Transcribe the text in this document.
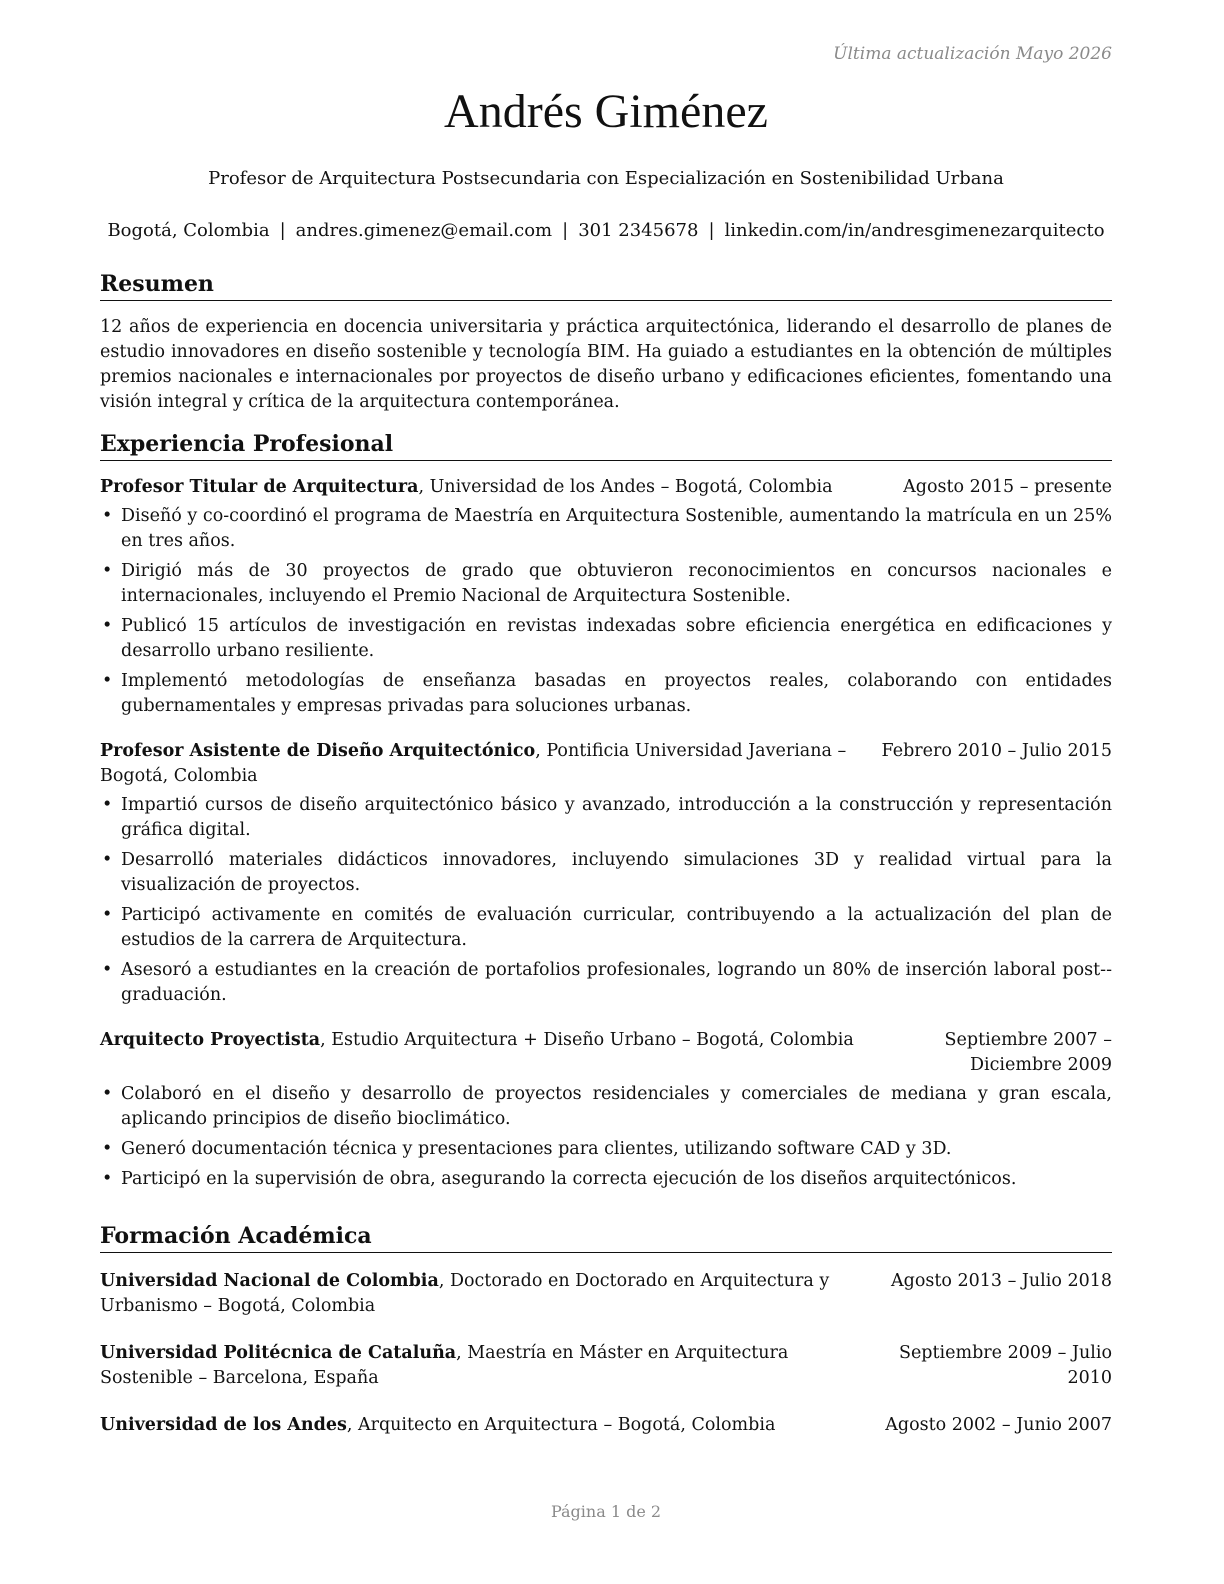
Última actualización Mayo 2026
Andrés Giménez
Profesor de Arquitectura Postsecundaria con Especialización en Sostenibilidad Urbana
Bogotá, Colombia | andres.gimenez@email.com | 301 2345678 | linkedin.com/in/andresgimenezarquitecto
Resumen

12 años de experiencia en docencia universitaria y práctica arquitectónica, liderando el desarrollo de planes de estudio innovadores en diseño sostenible y tecnología BIM. Ha guiado a estudiantes en la obtención de múltiples premios nacionales e internacionales por proyectos de diseño urbano y edificaciones eficientes, fomentando una visión integral y crítica de la arquitectura contemporánea.

Experiencia Profesional
Profesor Titular de Arquitectura, Universidad de los Andes – Bogotá, Colombia	Agosto 2015 – presente
• Diseñó y co-coordinó el programa de Maestría en Arquitectura Sostenible, aumentando la matrícula en un 25% en tres años.
• Dirigió más de 30 proyectos de grado que obtuvieron reconocimientos en concursos nacionales e internacionales, incluyendo el Premio Nacional de Arquitectura Sostenible.
• Publicó 15 artículos de investigación en revistas indexadas sobre eficiencia energética en edificaciones y desarrollo urbano resiliente.
• Implementó metodologías de enseñanza basadas en proyectos reales, colaborando con entidades gubernamentales y empresas privadas para soluciones urbanas.
Profesor Asistente de Diseño Arquitectónico, Pontificia Universidad Javeriana – Bogotá, Colombia
Febrero 2010 – Julio 2015
• Impartió cursos de diseño arquitectónico básico y avanzado, introducción a la construcción y representación gráfica digital.
• Desarrolló materiales didácticos innovadores, incluyendo simulaciones 3D y realidad virtual para la visualización de proyectos.
• Participó activamente en comités de evaluación curricular, contribuyendo a la actualización del plan de estudios de la carrera de Arquitectura.
• Asesoró a estudiantes en la creación de portafolios profesionales, logrando un 80% de inserción laboral post--graduación.
Arquitecto Proyectista, Estudio Arquitectura + Diseño Urbano – Bogotá, Colombia	Septiembre 2007 – Diciembre 2009
• Colaboró en el diseño y desarrollo de proyectos residenciales y comerciales de mediana y gran escala, aplicando principios de diseño bioclimático.
• Generó documentación técnica y presentaciones para clientes, utilizando software CAD y 3D.
• Participó en la supervisión de obra, asegurando la correcta ejecución de los diseños arquitectónicos.
Formación Académica
Universidad Nacional de Colombia, Doctorado en Doctorado en Arquitectura y Urbanismo – Bogotá, Colombia
Agosto 2013 – Julio 2018
Universidad Politécnica de Cataluña, Maestría en Máster en Arquitectura Sostenible – Barcelona, España
Septiembre 2009 – Julio 2010
Universidad de los Andes, Arquitecto en Arquitectura – Bogotá, Colombia	Agosto 2002 – Junio 2007
Página 1 de 2
